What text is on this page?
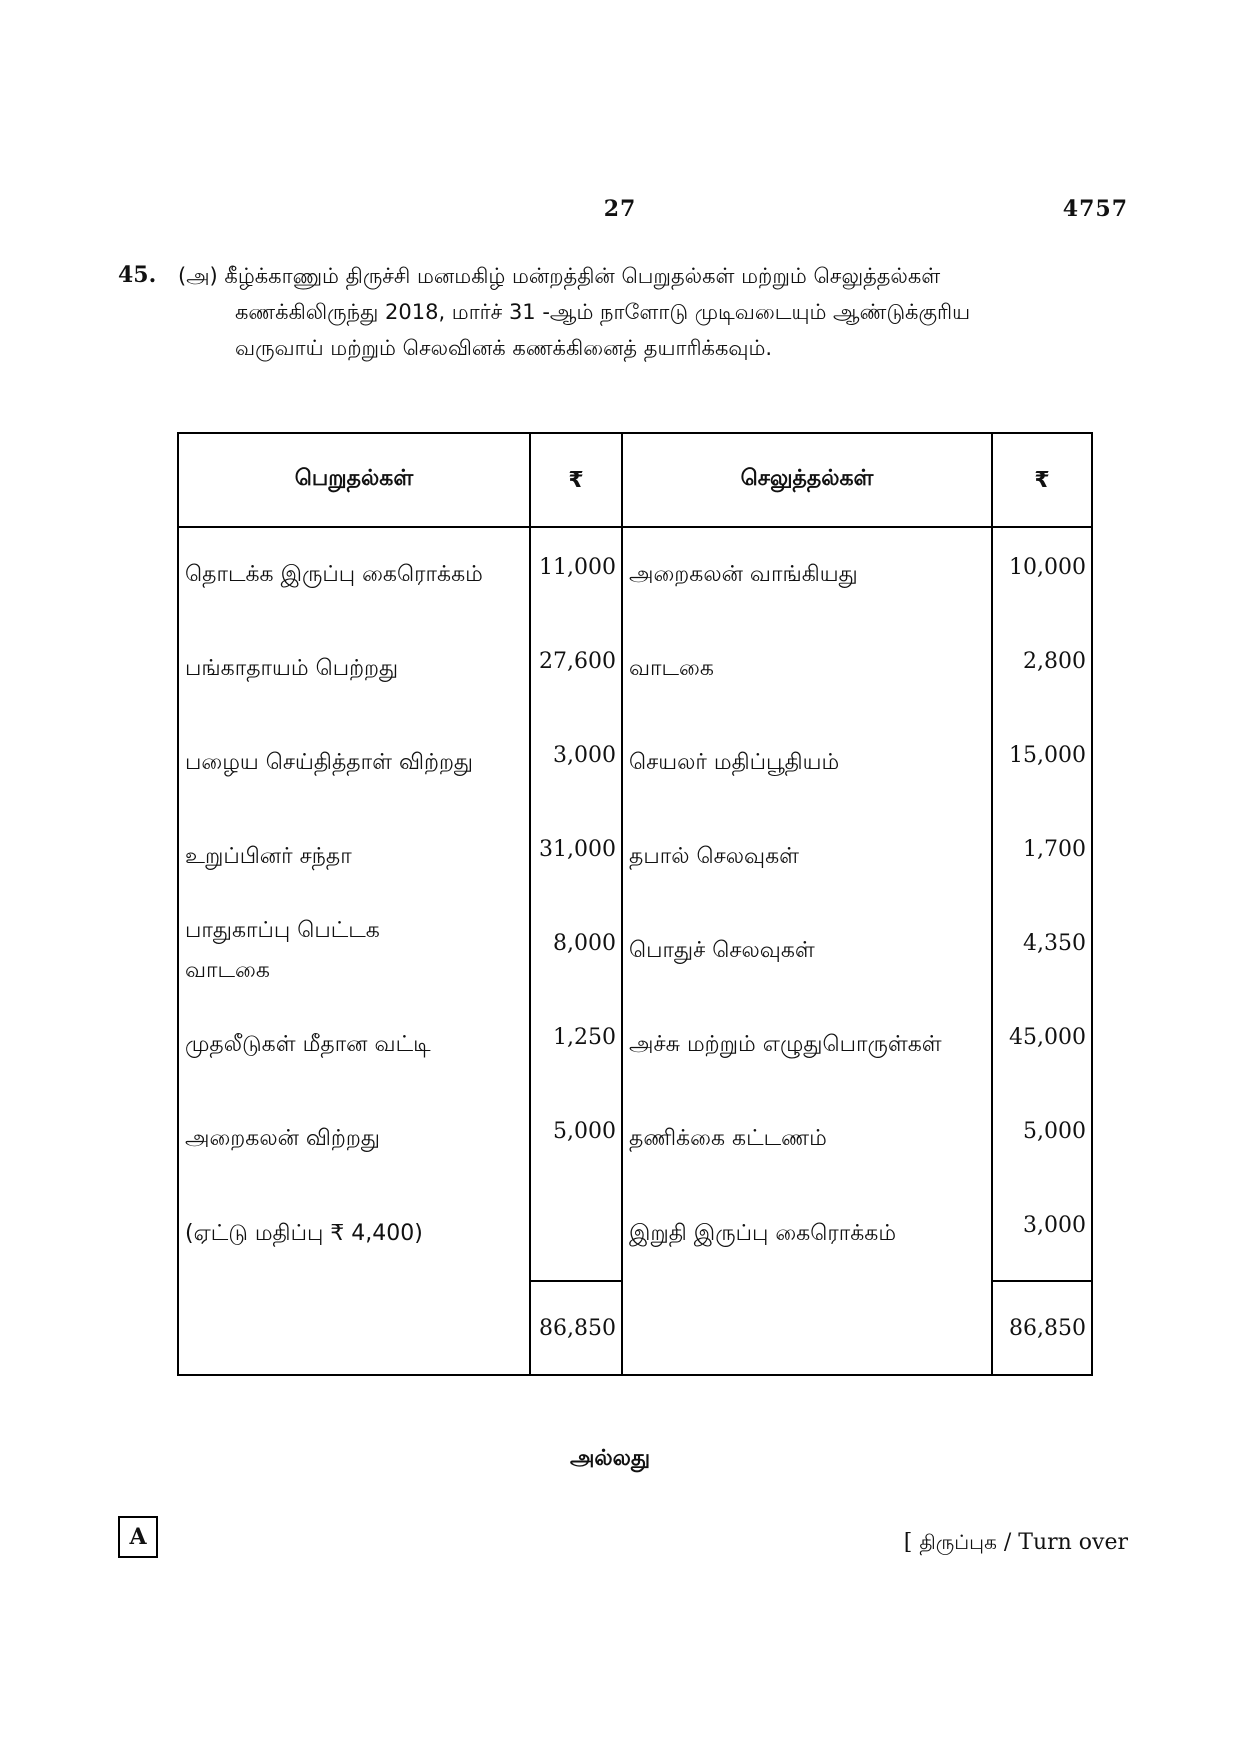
27	4757
45. (அ) கீழ்க்காணும் திருச்சி மனமகிழ் மன்றத்தின் பெறுதல்கள் மற்றும் செலுத்தல்கள்
கணக்கிலிருந்து 2018, மார்ச் 31 -ஆம் நாளோடு முடிவடையும் ஆண்டுக்குரிய
வருவாய் மற்றும் செலவினக் கணக்கினைத் தயாரிக்கவும்.
பெறுதல்கள்	₹	செலுத்தல்கள்	₹
தொடக்க இருப்பு கைரொக்கம்	11,000	அறைகலன் வாங்கியது	10,000
பங்காதாயம் பெற்றது	27,600	வாடகை	2,800
பழைய செய்தித்தாள் விற்றது	3,000	செயலர் மதிப்பூதியம்	15,000
உறுப்பினர் சந்தா	31,000	தபால் செலவுகள்	1,700
பாதுகாப்பு பெட்டக வாடகை	8,000	பொதுச் செலவுகள்	4,350
முதலீடுகள் மீதான வட்டி	1,250	அச்சு மற்றும் எழுதுபொருள்கள்	45,000
அறைகலன் விற்றது	5,000	தணிக்கை கட்டணம்	5,000
(ஏட்டு மதிப்பு ₹ 4,400)		இறுதி இருப்பு கைரொக்கம்	3,000
	86,850		86,850
அல்லது
A	[ திருப்புக / Turn over
